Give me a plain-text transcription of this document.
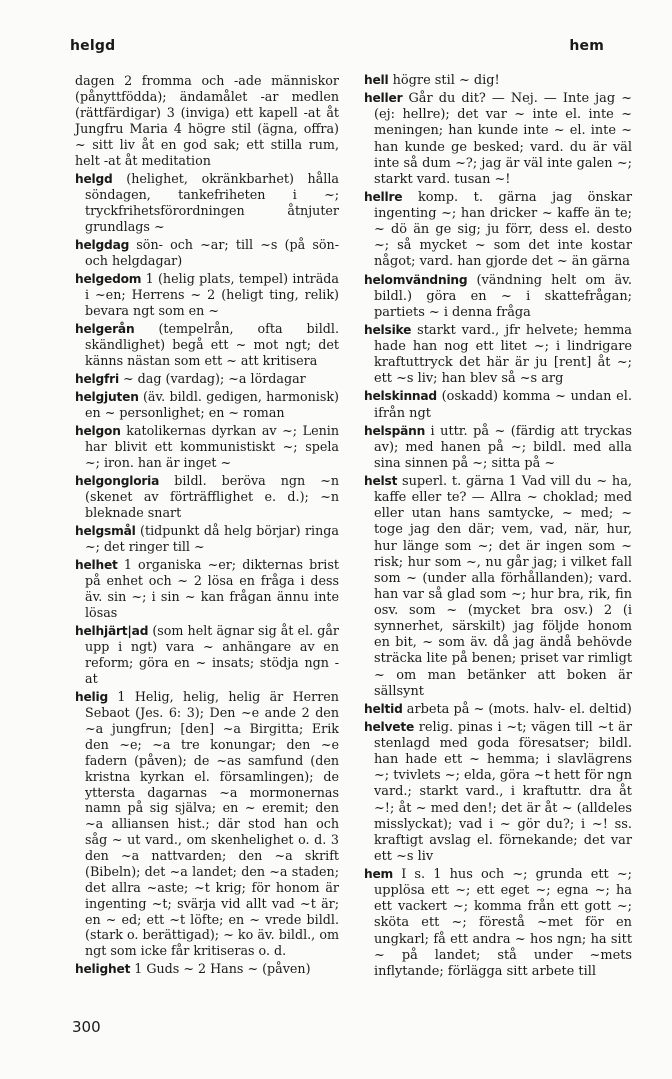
helgd	hem

dagen 2 fromma och -ade människor (pånyttfödda); ändamålet -ar medlen (rättfärdigar) 3 (inviga) ett kapell -at åt Jungfru Maria 4 högre stil (ägna, offra) ~ sitt liv åt en god sak; ett stilla rum, helt -at åt meditation

helgd (helighet, okränkbarhet) hålla söndagen, tankefriheten i ~; tryckfrihetsförordningen åtnjuter grundlags ~

helgdag sön- och ~ar; till ~s (på sön- och helgdagar)

helgedom 1 (helig plats, tempel) inträda i ~en; Herrens ~ 2 (heligt ting, relik) bevara ngt som en ~

helgerån (tempelrån, ofta bildl. skändlighet) begå ett ~ mot ngt; det känns nästan som ett ~ att kritisera

helgfri ~ dag (vardag); ~a lördagar

helgjuten (äv. bildl. gedigen, harmonisk) en ~ personlighet; en ~ roman

helgon katolikernas dyrkan av ~; Lenin har blivit ett kommunistiskt ~; spela ~; iron. han är inget ~

helgongloria bildl. beröva ngn ~n (skenet av förträfflighet e. d.); ~n bleknade snart

helgsmål (tidpunkt då helg börjar) ringa ~; det ringer till ~

helhet 1 organiska ~er; dikternas brist på enhet och ~ 2 lösa en fråga i dess äv. sin ~; i sin ~ kan frågan ännu inte lösas

helhjärt|ad (som helt ägnar sig åt el. går upp i ngt) vara ~ anhängare av en reform; göra en ~ insats; stödja ngn -at

helig 1 Helig, helig, helig är Herren Sebaot (Jes. 6: 3); Den ~e ande 2 den ~a jungfrun; [den] ~a Birgitta; Erik den ~e; ~a tre konungar; den ~e fadern (påven); de ~as samfund (den kristna kyrkan el. församlingen); de yttersta dagarnas ~a mormonernas namn på sig själva; en ~ eremit; den ~a alliansen hist.; där stod han och såg ~ ut vard., om skenhelighet o. d. 3 den ~a nattvarden; den ~a skrift (Bibeln); det ~a landet; den ~a staden; det allra ~aste; ~t krig; för honom är ingenting ~t; svärja vid allt vad ~t är; en ~ ed; ett ~t löfte; en ~ vrede bildl. (stark o. berättigad); ~ ko äv. bildl., om ngt som icke får kritiseras o. d.

helighet 1 Guds ~ 2 Hans ~ (påven)

hell högre stil ~ dig!

heller Går du dit? — Nej. — Inte jag ~ (ej: hellre); det var ~ inte el. inte ~ meningen; han kunde inte ~ el. inte ~ han kunde ge besked; vard. du är väl inte så dum ~?; jag är väl inte galen ~; starkt vard. tusan ~!

hellre komp. t. gärna jag önskar ingenting ~; han dricker ~ kaffe än te; ~ dö än ge sig; ju förr, dess el. desto ~; så mycket ~ som det inte kostar något; vard. han gjorde det ~ än gärna

helomvändning (vändning helt om äv. bildl.) göra en ~ i skattefrågan; partiets ~ i denna fråga

helsike starkt vard., jfr helvete; hemma hade han nog ett litet ~; i lindrigare kraftuttryck det här är ju [rent] åt ~; ett ~s liv; han blev så ~s arg

helskinnad (oskadd) komma ~ undan el. ifrån ngt

helspänn i uttr. på ~ (färdig att tryckas av); med hanen på ~; bildl. med alla sina sinnen på ~; sitta på ~

helst superl. t. gärna 1 Vad vill du ~ ha, kaffe eller te? — Allra ~ choklad; med eller utan hans samtycke, ~ med; ~ toge jag den där; vem, vad, när, hur, hur länge som ~; det är ingen som ~ risk; hur som ~, nu går jag; i vilket fall som ~ (under alla förhållanden); vard. han var så glad som ~; hur bra, rik, fin osv. som ~ (mycket bra osv.) 2 (i synnerhet, särskilt) jag följde honom en bit, ~ som äv. då jag ändå behövde sträcka lite på benen; priset var rimligt ~ om man betänker att boken är sällsynt

heltid arbeta på ~ (mots. halv- el. deltid)

helvete relig. pinas i ~t; vägen till ~t är stenlagd med goda föresatser; bildl. han hade ett ~ hemma; i slavlägrens ~; tvivlets ~; elda, göra ~t hett för ngn vard.; starkt vard., i kraftuttr. dra åt ~!; åt ~ med den!; det är åt ~ (alldeles misslyckat); vad i ~ gör du?; i ~! ss. kraftigt avslag el. förnekande; det var ett ~s liv

hem I s. 1 hus och ~; grunda ett ~; upplösa ett ~; ett eget ~; egna ~; ha ett vackert ~; komma från ett gott ~; sköta ett ~; förestå ~met för en ungkarl; få ett andra ~ hos ngn; ha sitt ~ på landet; stå under ~mets inflytande; förlägga sitt arbete till

300
